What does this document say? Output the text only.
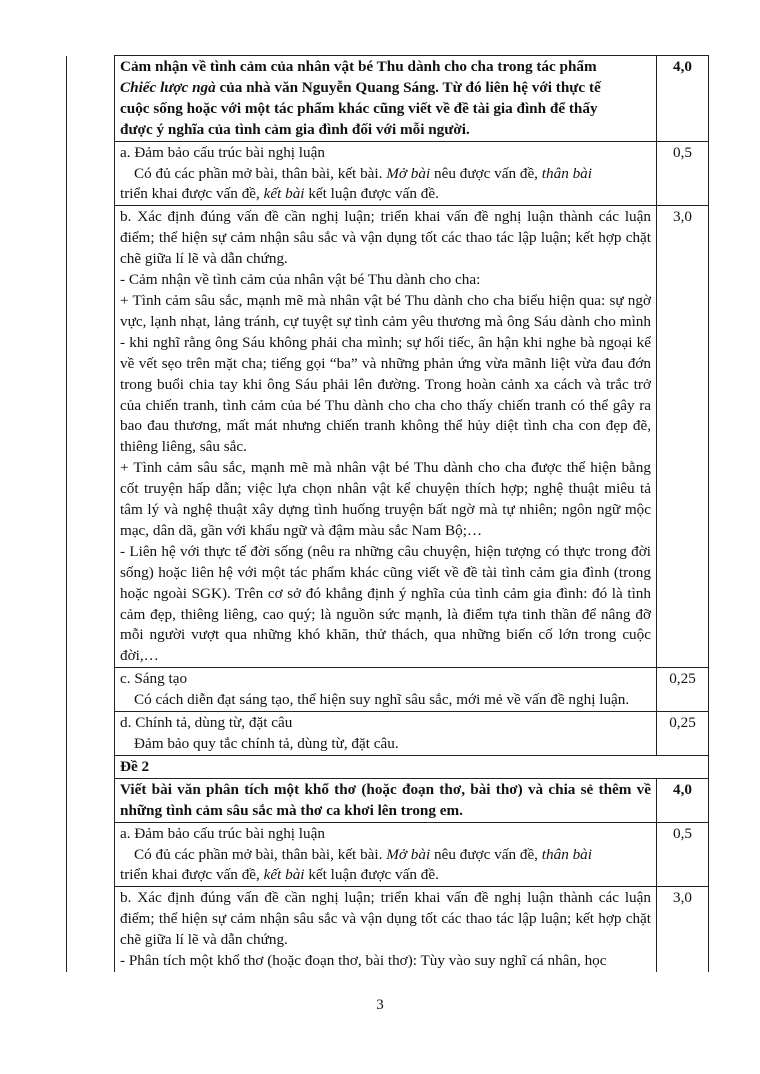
	Cảm nhận về tình cảm của nhân vật bé Thu dành cho cha trong tác phẩm
Chiếc lược ngà của nhà văn Nguyễn Quang Sáng. Từ đó liên hệ với thực tế
cuộc sống hoặc với một tác phẩm khác cũng viết về đề tài gia đình để thấy
được ý nghĩa của tình cảm gia đình đối với mỗi người.	4,0

	a. Đảm bảo cấu trúc bài nghị luận

Có đủ các phần mở bài, thân bài, kết bài. Mở bài nêu được vấn đề, thân bài

triển khai được vấn đề, kết bài kết luận được vấn đề.	0,5

	b. Xác định đúng vấn đề cần nghị luận; triển khai vấn đề nghị luận thành các luận điểm; thể hiện sự cảm nhận sâu sắc và vận dụng tốt các thao tác lập luận; kết hợp chặt chẽ giữa lí lẽ và dẫn chứng.

- Cảm nhận về tình cảm của nhân vật bé Thu dành cho cha:

+ Tình cảm sâu sắc, mạnh mẽ mà nhân vật bé Thu dành cho cha biểu hiện qua: sự ngờ vực, lạnh nhạt, lảng tránh, cự tuyệt sự tình cảm yêu thương mà ông Sáu dành cho mình - khi nghĩ rằng ông Sáu không phải cha mình; sự hối tiếc, ân hận khi nghe bà ngoại kể về vết sẹo trên mặt cha; tiếng gọi “ba” và những phản ứng vừa mãnh liệt vừa đau đớn trong buổi chia tay khi ông Sáu phải lên đường. Trong hoàn cảnh xa cách và trắc trở của chiến tranh, tình cảm của bé Thu dành cho cha cho thấy chiến tranh có thể gây ra bao đau thương, mất mát nhưng chiến tranh không thể hủy diệt tình cha con đẹp đẽ, thiêng liêng, sâu sắc.

+ Tình cảm sâu sắc, mạnh mẽ mà nhân vật bé Thu dành cho cha được thể hiện bằng cốt truyện hấp dẫn; việc lựa chọn nhân vật kể chuyện thích hợp; nghệ thuật miêu tả tâm lý và nghệ thuật xây dựng tình huống truyện bất ngờ mà tự nhiên; ngôn ngữ mộc mạc, dân dã, gần với khẩu ngữ và đậm màu sắc Nam Bộ;…

- Liên hệ với thực tế đời sống (nêu ra những câu chuyện, hiện tượng có thực trong đời sống) hoặc liên hệ với một tác phẩm khác cũng viết về đề tài tình cảm gia đình (trong hoặc ngoài SGK). Trên cơ sở đó khẳng định ý nghĩa của tình cảm gia đình: đó là tình cảm đẹp, thiêng liêng, cao quý; là nguồn sức mạnh, là điểm tựa tinh thần để nâng đỡ mỗi người vượt qua những khó khăn, thử thách, qua những biến cố lớn trong cuộc đời,…	3,0

	c. Sáng tạo

Có cách diễn đạt sáng tạo, thể hiện suy nghĩ sâu sắc, mới mẻ về vấn đề nghị luận.	0,25

	d. Chính tả, dùng từ, đặt câu

Đảm bảo quy tắc chính tả, dùng từ, đặt câu.	0,25
	Đề 2	
	Viết bài văn phân tích một khổ thơ (hoặc đoạn thơ, bài thơ) và chia sẻ thêm về những tình cảm sâu sắc mà thơ ca khơi lên trong em.	4,0

	a. Đảm bảo cấu trúc bài nghị luận

Có đủ các phần mở bài, thân bài, kết bài. Mở bài nêu được vấn đề, thân bài

triển khai được vấn đề, kết bài kết luận được vấn đề.	0,5

	b. Xác định đúng vấn đề cần nghị luận; triển khai vấn đề nghị luận thành các luận điểm; thể hiện sự cảm nhận sâu sắc và vận dụng tốt các thao tác lập luận; kết hợp chặt chẽ giữa lí lẽ và dẫn chứng.

- Phân tích một khổ thơ (hoặc đoạn thơ, bài thơ): Tùy vào suy nghĩ cá nhân, học	3,0
3
